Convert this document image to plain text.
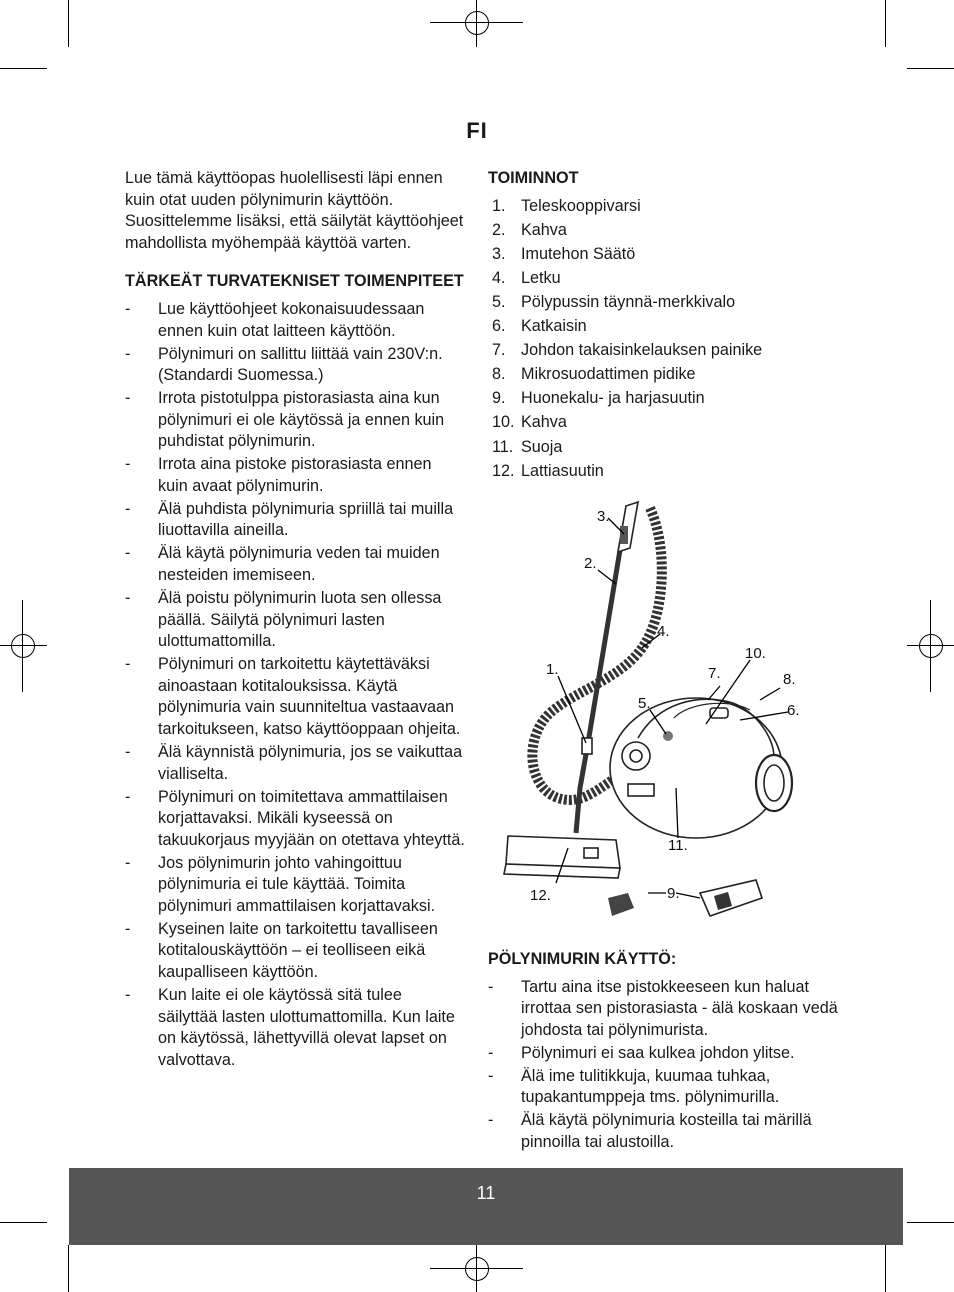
FI

Lue tämä käyttöopas huolellisesti läpi ennen kuin otat uuden pölynimurin käyttöön. Suosittelemme lisäksi, että säilytät käyttöohjeet mahdollista myöhempää käyttöä varten.

TÄRKEÄT TURVATEKNISET TOIMENPITEET

- Lue käyttöohjeet kokonaisuudessaan ennen kuin otat laitteen käyttöön.
- Pölynimuri on sallittu liittää vain 230V:n. (Standardi Suomessa.)
- Irrota pistotulppa pistorasiasta aina kun pölynimuri ei ole käytössä ja ennen kuin puhdistat pölynimurin.
- Irrota aina pistoke pistorasiasta ennen kuin avaat pölynimurin.
- Älä puhdista pölynimuria spriillä tai muilla liuottavilla aineilla.
- Älä käytä pölynimuria veden tai muiden nesteiden imemiseen.
- Älä poistu pölynimurin luota sen ollessa päällä. Säilytä pölynimuri lasten ulottumattomilla.
- Pölynimuri on tarkoitettu käytettäväksi ainoastaan kotitalouksissa. Käytä pölynimuria vain suunniteltua vastaavaan tarkoitukseen, katso käyttöoppaan ohjeita.
- Älä käynnistä pölynimuria, jos se vaikuttaa vialliselta.
- Pölynimuri on toimitettava ammattilaisen korjattavaksi. Mikäli kyseessä on takuukorjaus myyjään on otettava yhteyttä.
- Jos pölynimurin johto vahingoittuu pölynimuria ei tule käyttää. Toimita pölynimuri ammattilaisen korjattavaksi.
- Kyseinen laite on tarkoitettu tavalliseen kotitalouskäyttöön – ei teolliseen eikä kaupalliseen käyttöön.
- Kun laite ei ole käytössä sitä tulee säilyttää lasten ulottumattomilla. Kun laite on käytössä, lähettyvillä olevat lapset on valvottava.

TOIMINNOT

1. Teleskooppivarsi
2. Kahva
3. Imutehon Säätö
4. Letku
5. Pölypussin täynnä-merkkivalo
6. Katkaisin
7. Johdon takaisinkelauksen painike
8. Mikrosuodattimen pidike
9. Huonekalu- ja harjasuutin
10. Kahva
11. Suoja
12. Lattiasuutin
3.
2.
4.
1.	7.
10.
8.
5.	6.
11.
9.
12.

PÖLYNIMURIN KÄYTTÖ:

- Tartu aina itse pistokkeeseen kun haluat irrottaa sen pistorasiasta - älä koskaan vedä johdosta tai pölynimurista.
- Pölynimuri ei saa kulkea johdon ylitse.
- Älä ime tulitikkuja, kuumaa tuhkaa, tupakantumppeja tms. pölynimurilla.
- Älä käytä pölynimuria kosteilla tai märillä pinnoilla tai alustoilla.
11
